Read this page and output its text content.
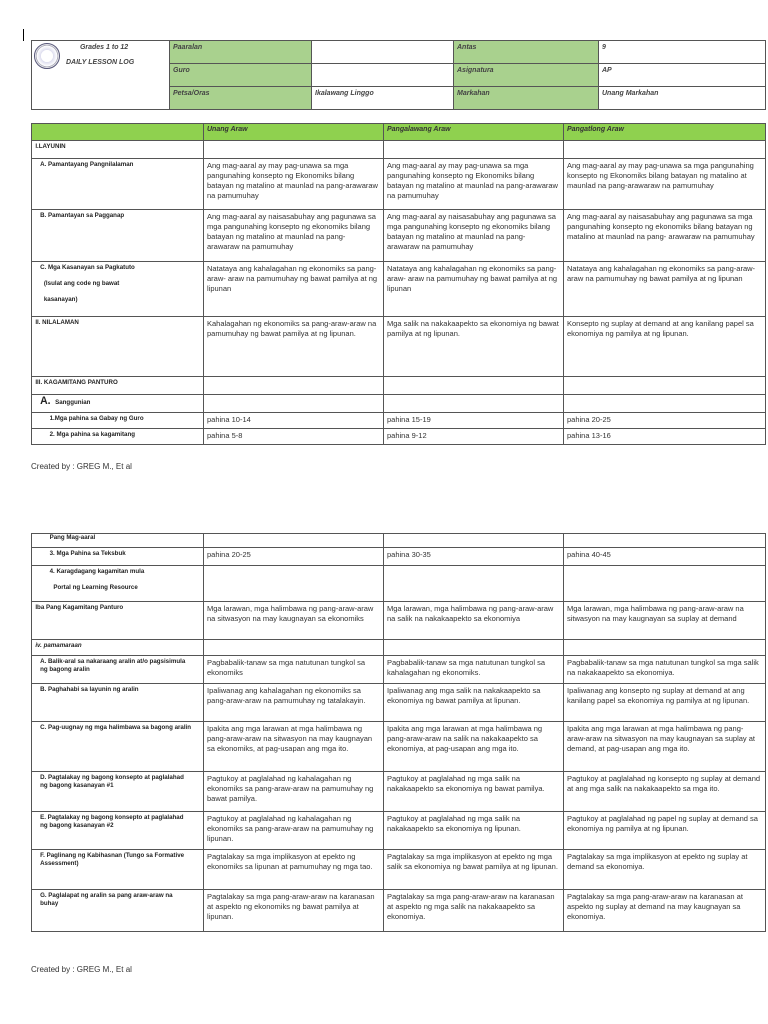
Grades 1 to 12
DAILY LESSON LOG	Paaralan		Antas	9
	Guro		Asignatura	AP
	Petsa/Oras	Ikalawang Linggo	Markahan	Unang Markahan
	Unang Araw	Pangalawang Araw	Pangatlong Araw
I.LAYUNIN			
A. Pamantayang Pangnilalaman	Ang mag-aaral ay may pag-unawa sa mga pangunahing konsepto ng Ekonomiks bilang batayan ng matalino at maunlad na pang-arawaraw na pamumuhay	Ang mag-aaral ay may pag-unawa sa mga pangunahing konsepto ng Ekonomiks bilang batayan ng matalino at maunlad na pang-arawaraw na pamumuhay	Ang mag-aaral ay may pag-unawa sa mga pangunahing konsepto ng Ekonomiks bilang batayan ng matalino at maunlad na pang-arawaraw na pamumuhay
B. Pamantayan sa Pagganap	Ang mag-aaral ay naisasabuhay ang pagunawa sa mga pangunahing konsepto ng ekonomiks bilang batayan ng matalino at maunlad na pang- arawaraw na pamumuhay	Ang mag-aaral ay naisasabuhay ang pagunawa sa mga pangunahing konsepto ng ekonomiks bilang batayan ng matalino at maunlad na pang- arawaraw na pamumuhay	Ang mag-aaral ay naisasabuhay ang pagunawa sa mga pangunahing konsepto ng ekonomiks bilang batayan ng matalino at maunlad na pang- arawaraw na pamumuhay

C. Mga Kasanayan sa Pagkatuto
(Isulat ang code ng bawat
kasanayan)	Natataya ang kahalagahan ng ekonomiks sa pang-araw- araw na pamumuhay ng bawat pamilya at ng lipunan	Natataya ang kahalagahan ng ekonomiks sa pang-araw- araw na pamumuhay ng bawat pamilya at ng lipunan	Natataya ang kahalagahan ng ekonomiks sa pang-araw- araw na pamumuhay ng bawat pamilya at ng lipunan
II. NILALAMAN	Kahalagahan ng ekonomiks sa pang-araw-araw na pamumuhay ng bawat pamilya at ng lipunan.	Mga salik na nakakaapekto sa ekonomiya ng bawat pamilya at ng lipunan.	Konsepto ng suplay at demand at ang kanilang papel sa ekonomiya ng pamilya at ng lipunan.
III. KAGAMITANG PANTURO			
A. Sanggunian			
1.Mga pahina sa Gabay ng Guro	pahina 10-14	pahina 15-19	pahina 20-25
2. Mga pahina sa kagamitang	pahina 5-8	pahina 9-12	pahina 13-16
Created by : GREG M., Et al
Pang Mag-aaral			
3. Mga Pahina sa Teksbuk	pahina 20-25	pahina 30-35	pahina 40-45

4. Karagdagang kagamitan mula
Portal ng Learning Resource			

Iba Pang Kagamitang Panturo	Mga larawan, mga halimbawa ng pang-araw-araw na sitwasyon na may kaugnayan sa ekonomiks	Mga larawan, mga halimbawa ng pang-araw-araw na salik na nakakaapekto sa ekonomiya	Mga larawan, mga halimbawa ng pang-araw-araw na sitwasyon na may kaugnayan sa suplay at demand
iv. pamamaraan			
A. Balik-aral sa nakaraang aralin at/o pagsisimula ng bagong aralin	Pagbabalik-tanaw sa mga natutunan tungkol sa ekonomiks	Pagbabalik-tanaw sa mga natutunan tungkol sa kahalagahan ng ekonomiks.	Pagbabalik-tanaw sa mga natutunan tungkol sa mga salik na nakakaapekto sa ekonomiya.
B. Paghahabi sa layunin ng aralin	Ipaliwanag ang kahalagahan ng ekonomiks sa pang-araw-araw na pamumuhay ng tatalakayin.	Ipaliwanag ang mga salik na nakakaapekto sa ekonomiya ng bawat pamilya at lipunan.	Ipaliwanag ang konsepto ng suplay at demand at ang kanilang papel sa ekonomiya ng pamilya at ng lipunan.
C. Pag-uugnay ng mga halimbawa sa bagong aralin	Ipakita ang mga larawan at mga halimbawa ng pang-araw-araw na sitwasyon na may kaugnayan sa ekonomiks, at pag-usapan ang mga ito.	Ipakita ang mga larawan at mga halimbawa ng pang-araw-araw na salik na nakakaapekto sa ekonomiya, at pag-usapan ang mga ito.	Ipakita ang mga larawan at mga halimbawa ng pang-araw-araw na sitwasyon na may kaugnayan sa suplay at demand, at pag-usapan ang mga ito.
D. Pagtalakay ng bagong konsepto at paglalahad ng bagong kasanayan #1	Pagtukoy at paglalahad ng kahalagahan ng ekonomiks sa pang-araw-araw na pamumuhay ng bawat pamilya.	Pagtukoy at paglalahad ng mga salik na nakakaapekto sa ekonomiya ng bawat pamilya.	Pagtukoy at paglalahad ng konsepto ng suplay at demand at ang mga salik na nakakaapekto sa mga ito.
E. Pagtalakay ng bagong konsepto at paglalahad ng bagong kasanayan #2	Pagtukoy at paglalahad ng kahalagahan ng ekonomiks sa pang-araw-araw na pamumuhay ng lipunan.	Pagtukoy at paglalahad ng mga salik na nakakaapekto sa ekonomiya ng lipunan.	Pagtukoy at paglalahad ng papel ng suplay at demand sa ekonomiya ng pamilya at ng lipunan.
F. Paglinang ng Kabihasnan (Tungo sa Formative Assessment)	Pagtalakay sa mga implikasyon at epekto ng ekonomiks sa lipunan at pamumuhay ng mga tao.	Pagtalakay sa mga implikasyon at epekto ng mga salik sa ekonomiya ng bawat pamilya at ng lipunan.	Pagtalakay sa mga implikasyon at epekto ng suplay at demand sa ekonomiya.
G. Paglalapat ng aralin sa pang araw-araw na buhay	Pagtalakay sa mga pang-araw-araw na karanasan at aspekto ng ekonomiks ng bawat pamilya at lipunan.	Pagtalakay sa mga pang-araw-araw na karanasan at aspekto ng mga salik na nakakaapekto sa ekonomiya.	Pagtalakay sa mga pang-araw-araw na karanasan at aspekto ng suplay at demand na may kaugnayan sa ekonomiya.
Created by : GREG M., Et al
